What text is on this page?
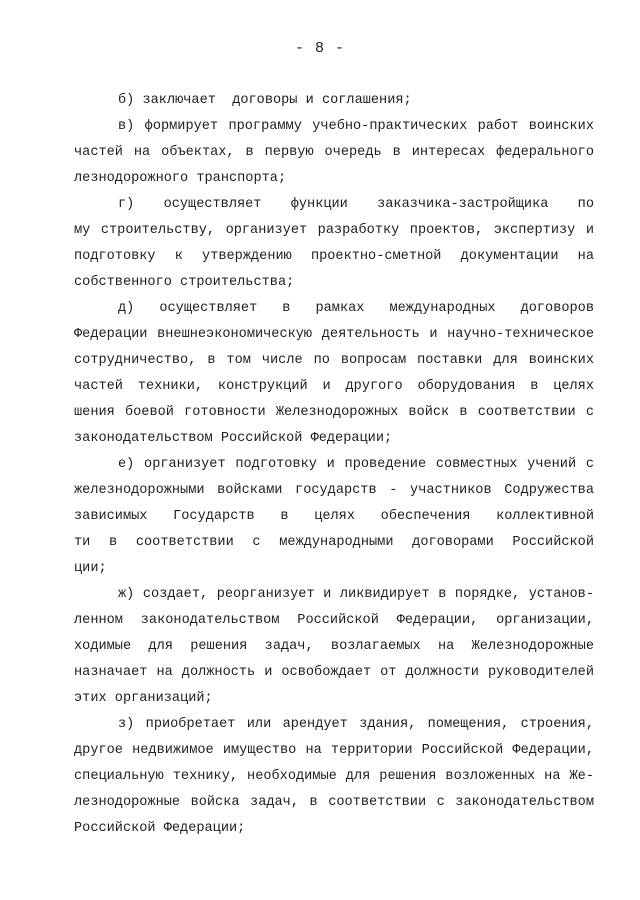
- 8 -
б) заключает  договоры и соглашения;
в) формирует программу учебно-практических работ воинских
частей на объектах, в первую очередь в интересах федерального
лезнодорожного транспорта;
г) осуществляет функции заказчика-застройщика по
му строительству, организует разработку проектов, экспертизу и
подготовку к утверждению проектно-сметной документации на
собственного строительства;
д) осуществляет в рамках международных договоров
Федерации внешнеэкономическую деятельность и научно-техническое
сотрудничество, в том числе по вопросам поставки для воинских
частей техники, конструкций и другого оборудования в целях
шения боевой готовности Железнодорожных войск в соответствии с
законодательством Российской Федерации;
е) организует подготовку и проведение совместных учений с
железнодорожными войсками государств - участников Содружества
зависимых Государств в целях обеспечения коллективной
ти в соответствии с международными договорами Российской
ции;
ж) создает, реорганизует и ликвидирует в порядке, установ-
ленном законодательством Российской Федерации, организации,
ходимые для решения задач, возлагаемых на Железнодорожные
назначает на должность и освобождает от должности руководителей
этих организаций;
з) приобретает или арендует здания, помещения, строения,
другое недвижимое имущество на территории Российской Федерации,
специальную технику, необходимые для решения возложенных на Же-
лезнодорожные войска задач, в соответствии с законодательством
Российской Федерации;
